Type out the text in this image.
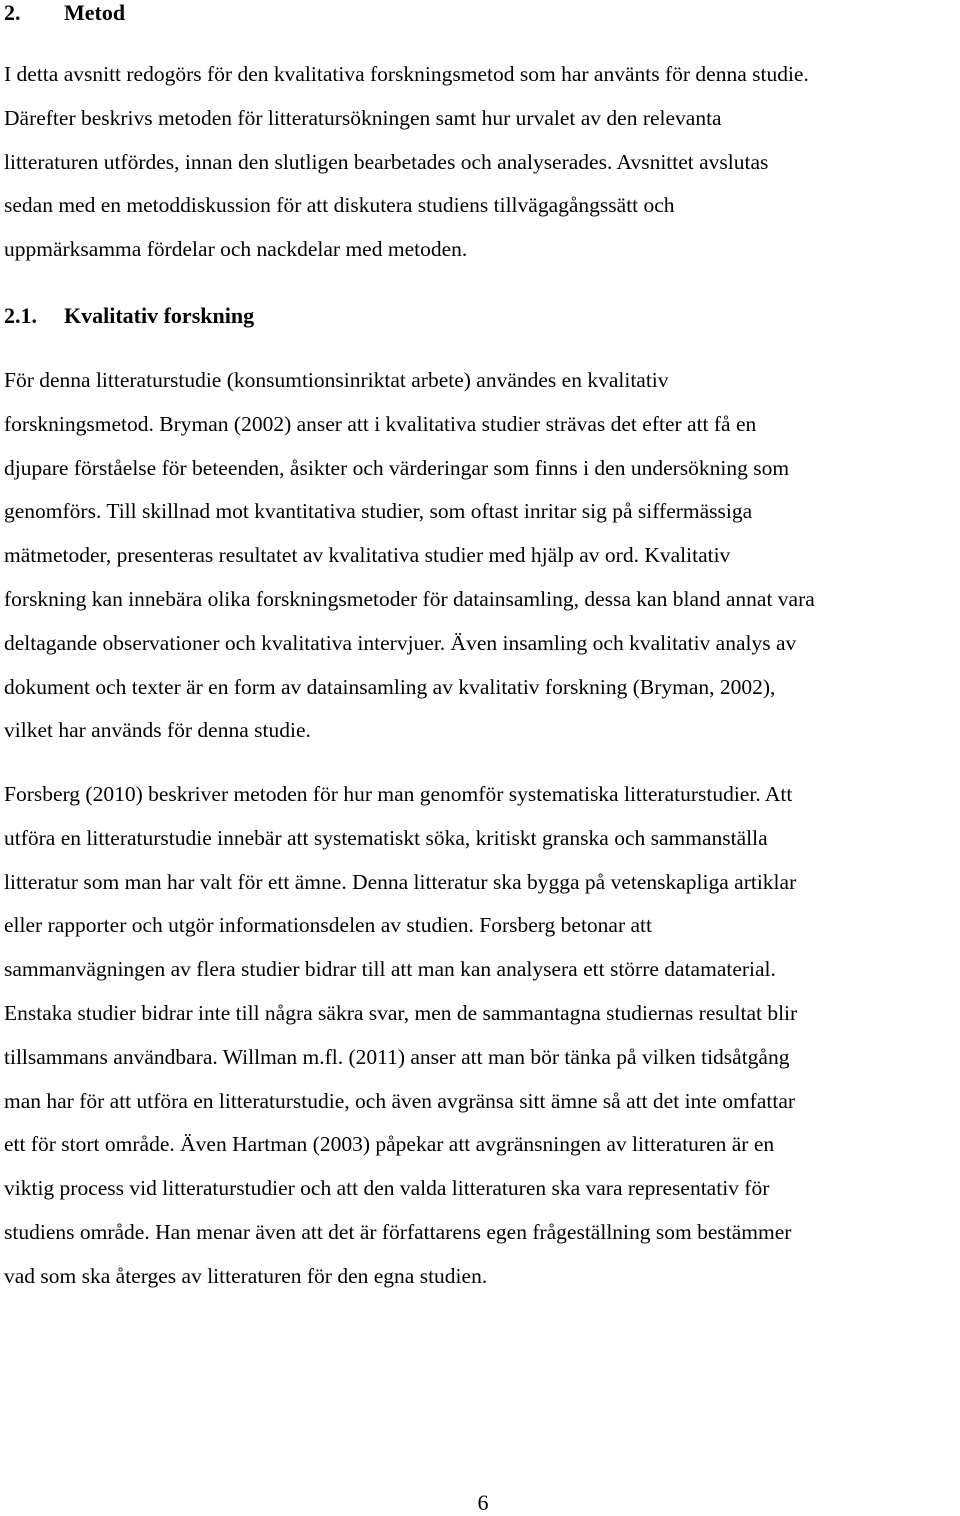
2. Metod

I detta avsnitt redogörs för den kvalitativa forskningsmetod som har använts för denna studie.
Därefter beskrivs metoden för litteratursökningen samt hur urvalet av den relevanta
litteraturen utfördes, innan den slutligen bearbetades och analyserades. Avsnittet avslutas
sedan med en metoddiskussion för att diskutera studiens tillvägagångssätt och
uppmärksamma fördelar och nackdelar med metoden.

2.1. Kvalitativ forskning

För denna litteraturstudie (konsumtionsinriktat arbete) användes en kvalitativ
forskningsmetod. Bryman (2002) anser att i kvalitativa studier strävas det efter att få en
djupare förståelse för beteenden, åsikter och värderingar som finns i den undersökning som
genomförs. Till skillnad mot kvantitativa studier, som oftast inritar sig på siffermässiga
mätmetoder, presenteras resultatet av kvalitativa studier med hjälp av ord. Kvalitativ
forskning kan innebära olika forskningsmetoder för datainsamling, dessa kan bland annat vara
deltagande observationer och kvalitativa intervjuer. Även insamling och kvalitativ analys av
dokument och texter är en form av datainsamling av kvalitativ forskning (Bryman, 2002),
vilket har används för denna studie.

Forsberg (2010) beskriver metoden för hur man genomför systematiska litteraturstudier. Att
utföra en litteraturstudie innebär att systematiskt söka, kritiskt granska och sammanställa
litteratur som man har valt för ett ämne. Denna litteratur ska bygga på vetenskapliga artiklar
eller rapporter och utgör informationsdelen av studien. Forsberg betonar att
sammanvägningen av flera studier bidrar till att man kan analysera ett större datamaterial.
Enstaka studier bidrar inte till några säkra svar, men de sammantagna studiernas resultat blir
tillsammans användbara. Willman m.fl. (2011) anser att man bör tänka på vilken tidsåtgång
man har för att utföra en litteraturstudie, och även avgränsa sitt ämne så att det inte omfattar
ett för stort område. Även Hartman (2003) påpekar att avgränsningen av litteraturen är en
viktig process vid litteraturstudier och att den valda litteraturen ska vara representativ för
studiens område. Han menar även att det är författarens egen frågeställning som bestämmer
vad som ska återges av litteraturen för den egna studien.

6
